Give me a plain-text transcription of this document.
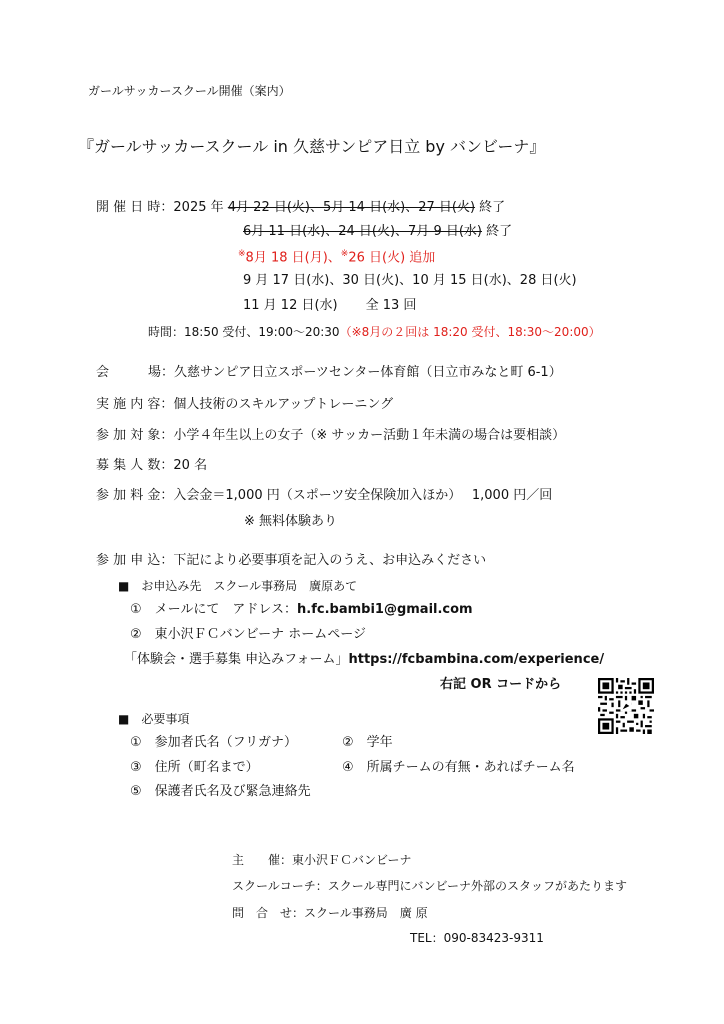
ガールサッカースクール開催（案内）
『ガールサッカースクール in 久慈サンピア日立 by バンビーナ』
開 催 日 時：2025 年 4月 22 日(火)、5月 14 日(水)、27 日(火) 終了
6月 11 日(水)、24 日(火)、7月 9 日(水) 終了
※8月 18 日(月)、※26 日(火) 追加
9 月 17 日(水)、30 日(火)、10 月 15 日(水)、28 日(火)
11 月 12 日(水) 全 13 回
時間：18:50 受付、19:00～20:30（※8月の２回は 18:20 受付、18:30～20:00）
会　　　場：久慈サンピア日立スポーツセンター体育館（日立市みなと町 6-1）
実 施 内 容：個人技術のスキルアップトレーニング
参 加 対 象：小学４年生以上の女子（※ サッカー活動１年未満の場合は要相談）
募 集 人 数：20 名
参 加 料 金：入会金＝1,000 円（スポーツ安全保険加入ほか）　 1,000 円／回
※ 無料体験あり
参 加 申 込：下記により必要事項を記入のうえ、お申込みください
■　お申込み先　スクール事務局　廣原あて
①　メールにて　アドレス：h.fc.bambi1@gmail.com
②　東小沢ＦＣバンビーナ ホームページ
「体験会・選手募集 申込みフォーム」https://fcbambina.com/experience/
右記 OR コードから
■　必要事項
①　参加者氏名（フリガナ）	②　学年
③　住所（町名まで）	④　所属チームの有無・あればチーム名
⑤　保護者氏名及び緊急連絡先
主　　催：東小沢ＦＣバンビーナ
スクールコーチ：スクール専門にバンビーナ外部のスタッフがあたります
問　合　せ：スクール事務局　廣 原
TEL：090-83423-9311
